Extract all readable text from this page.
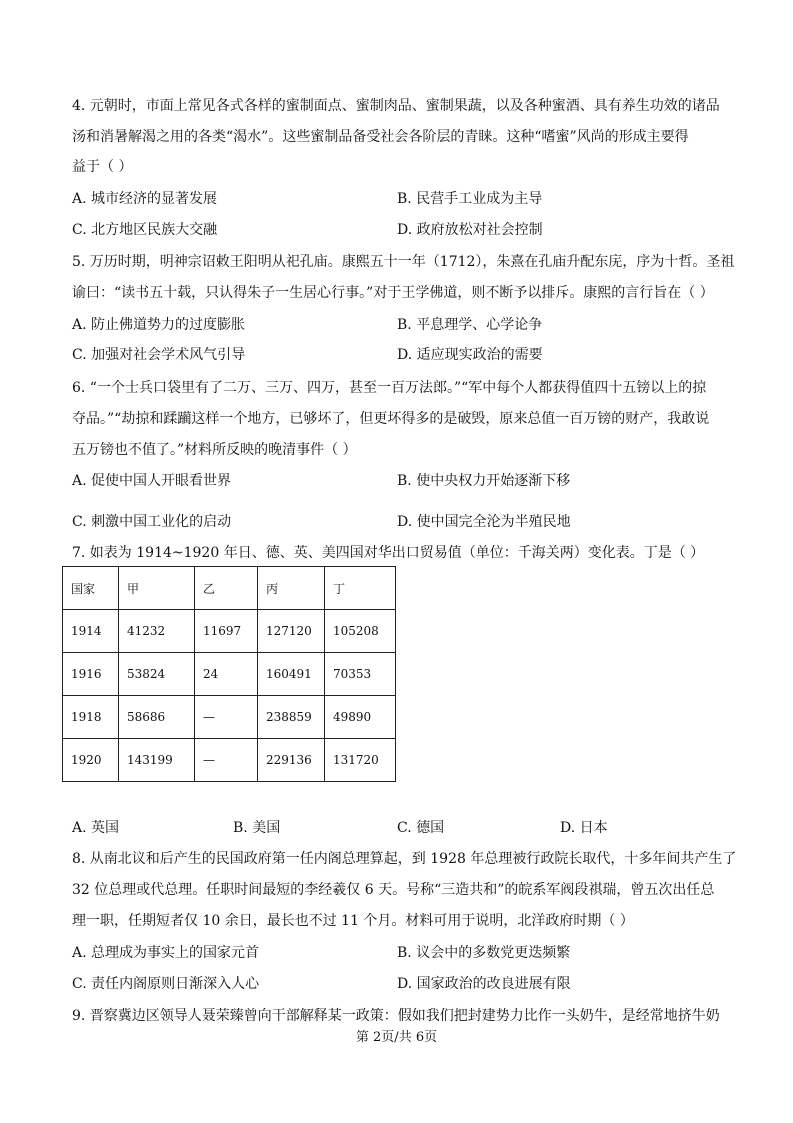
4. 元朝时，市面上常见各式各样的蜜制面点、蜜制肉品、蜜制果蔬，以及各种蜜酒、具有养生功效的诸品
汤和消暑解渴之用的各类“渴水”。这些蜜制品备受社会各阶层的青睐。这种“嗜蜜”风尚的形成主要得
益于（ ）
A. 城市经济的显著发展	B. 民营手工业成为主导
C. 北方地区民族大交融	D. 政府放松对社会控制
5. 万历时期，明神宗诏敕王阳明从祀孔庙。康熙五十一年（1712），朱熹在孔庙升配东庑，序为十哲。圣祖
谕曰：“读书五十载，只认得朱子一生居心行事。”对于王学佛道，则不断予以排斥。康熙的言行旨在（ ）
A. 防止佛道势力的过度膨胀	B. 平息理学、心学论争
C. 加强对社会学术风气引导	D. 适应现实政治的需要
6. “一个士兵口袋里有了二万、三万、四万，甚至一百万法郎。”“军中每个人都获得值四十五镑以上的掠
夺品。”“劫掠和蹂躏这样一个地方，已够坏了，但更坏得多的是破毁，原来总值一百万镑的财产，我敢说
五万镑也不值了。”材料所反映的晚清事件（ ）
A. 促使中国人开眼看世界	B. 使中央权力开始逐渐下移
C. 刺激中国工业化的启动	D. 使中国完全沦为半殖民地
7. 如表为 1914~1920 年日、德、英、美四国对华出口贸易值（单位：千海关两）变化表。丁是（ ）
国家	甲	乙	丙	丁
1914	41232	11697	127120	105208
1916	53824	24	160491	70353
1918	58686	—	238859	49890
1920	143199	—	229136	131720
A. 英国	B. 美国	C. 德国	D. 日本
8. 从南北议和后产生的民国政府第一任内阁总理算起，到 1928 年总理被行政院长取代，十多年间共产生了
32 位总理或代总理。任职时间最短的李经羲仅 6 天。号称“三造共和”的皖系军阀段祺瑞，曾五次出任总
理一职，任期短者仅 10 余日，最长也不过 11 个月。材料可用于说明，北洋政府时期（ ）
A. 总理成为事实上的国家元首	B. 议会中的多数党更迭频繁
C. 责任内阁原则日渐深入人心	D. 国家政治的改良进展有限
9. 晋察冀边区领导人聂荣臻曾向干部解释某一政策：假如我们把封建势力比作一头奶牛，是经常地挤牛奶
第 2页/共 6页
